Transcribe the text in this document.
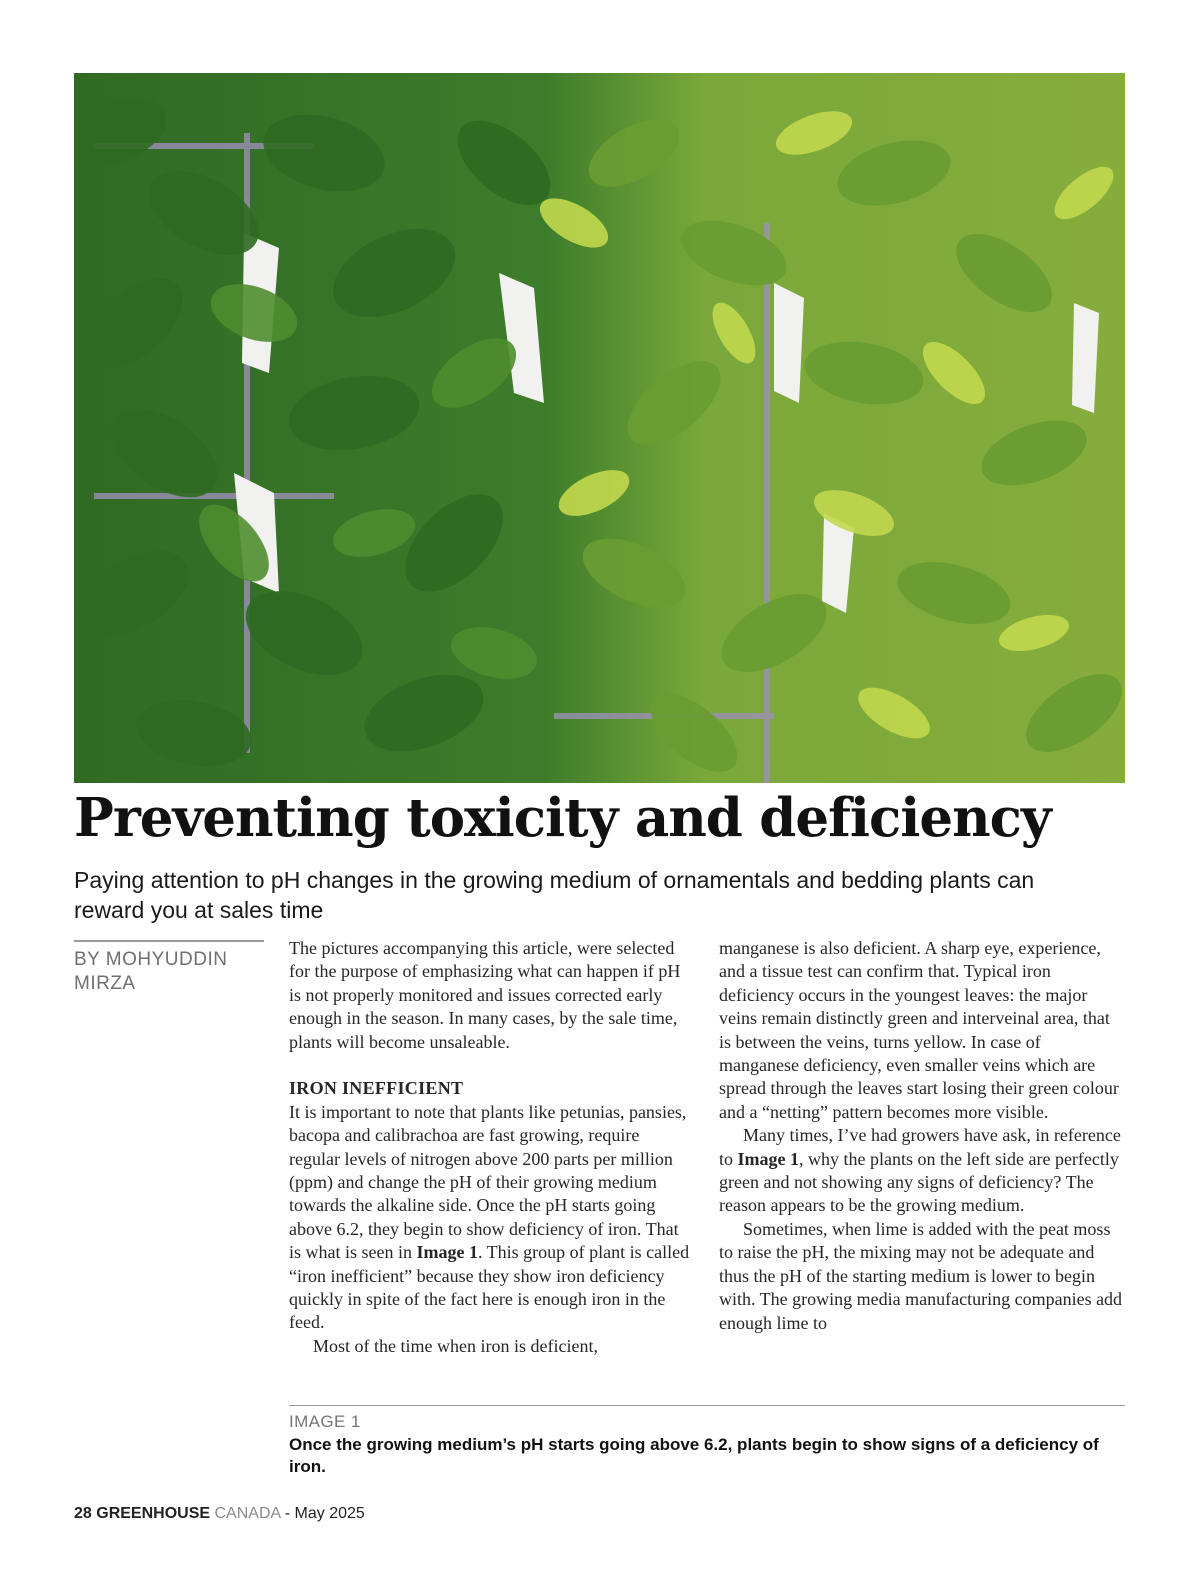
Preventing toxicity and deficiency

Paying attention to pH changes in the growing medium of ornamentals and bedding plants can reward you at sales time

BY MOHYUDDIN MIRZA

The pictures accompanying this article, were selected for the purpose of emphasizing what can happen if pH is not properly monitored and issues corrected early enough in the season. In many cases, by the sale time, plants will become unsaleable.

IRON INEFFICIENT

It is important to note that plants like petunias, pansies, bacopa and calibrachoa are fast growing, require regular levels of nitrogen above 200 parts per million (ppm) and change the pH of their growing medium towards the alkaline side. Once the pH starts going above 6.2, they begin to show deficiency of iron. That is what is seen in Image 1. This group of plant is called “iron inefficient” because they show iron deficiency quickly in spite of the fact here is enough iron in the feed.

Most of the time when iron is deficient,

manganese is also deficient. A sharp eye, experience, and a tissue test can confirm that. Typical iron deficiency occurs in the youngest leaves: the major veins remain distinctly green and interveinal area, that is between the veins, turns yellow. In case of manganese deficiency, even smaller veins which are spread through the leaves start losing their green colour and a “netting” pattern becomes more visible.

Many times, I’ve had growers have ask, in reference to Image 1, why the plants on the left side are perfectly green and not showing any signs of deficiency? The reason appears to be the growing medium.

Sometimes, when lime is added with the peat moss to raise the pH, the mixing may not be adequate and thus the pH of the starting medium is lower to begin with. The growing media manufacturing companies add enough lime to

IMAGE 1
Once the growing medium’s pH starts going above 6.2, plants begin to show signs of a deficiency of iron.
28 GREENHOUSE CANADA - May 2025
